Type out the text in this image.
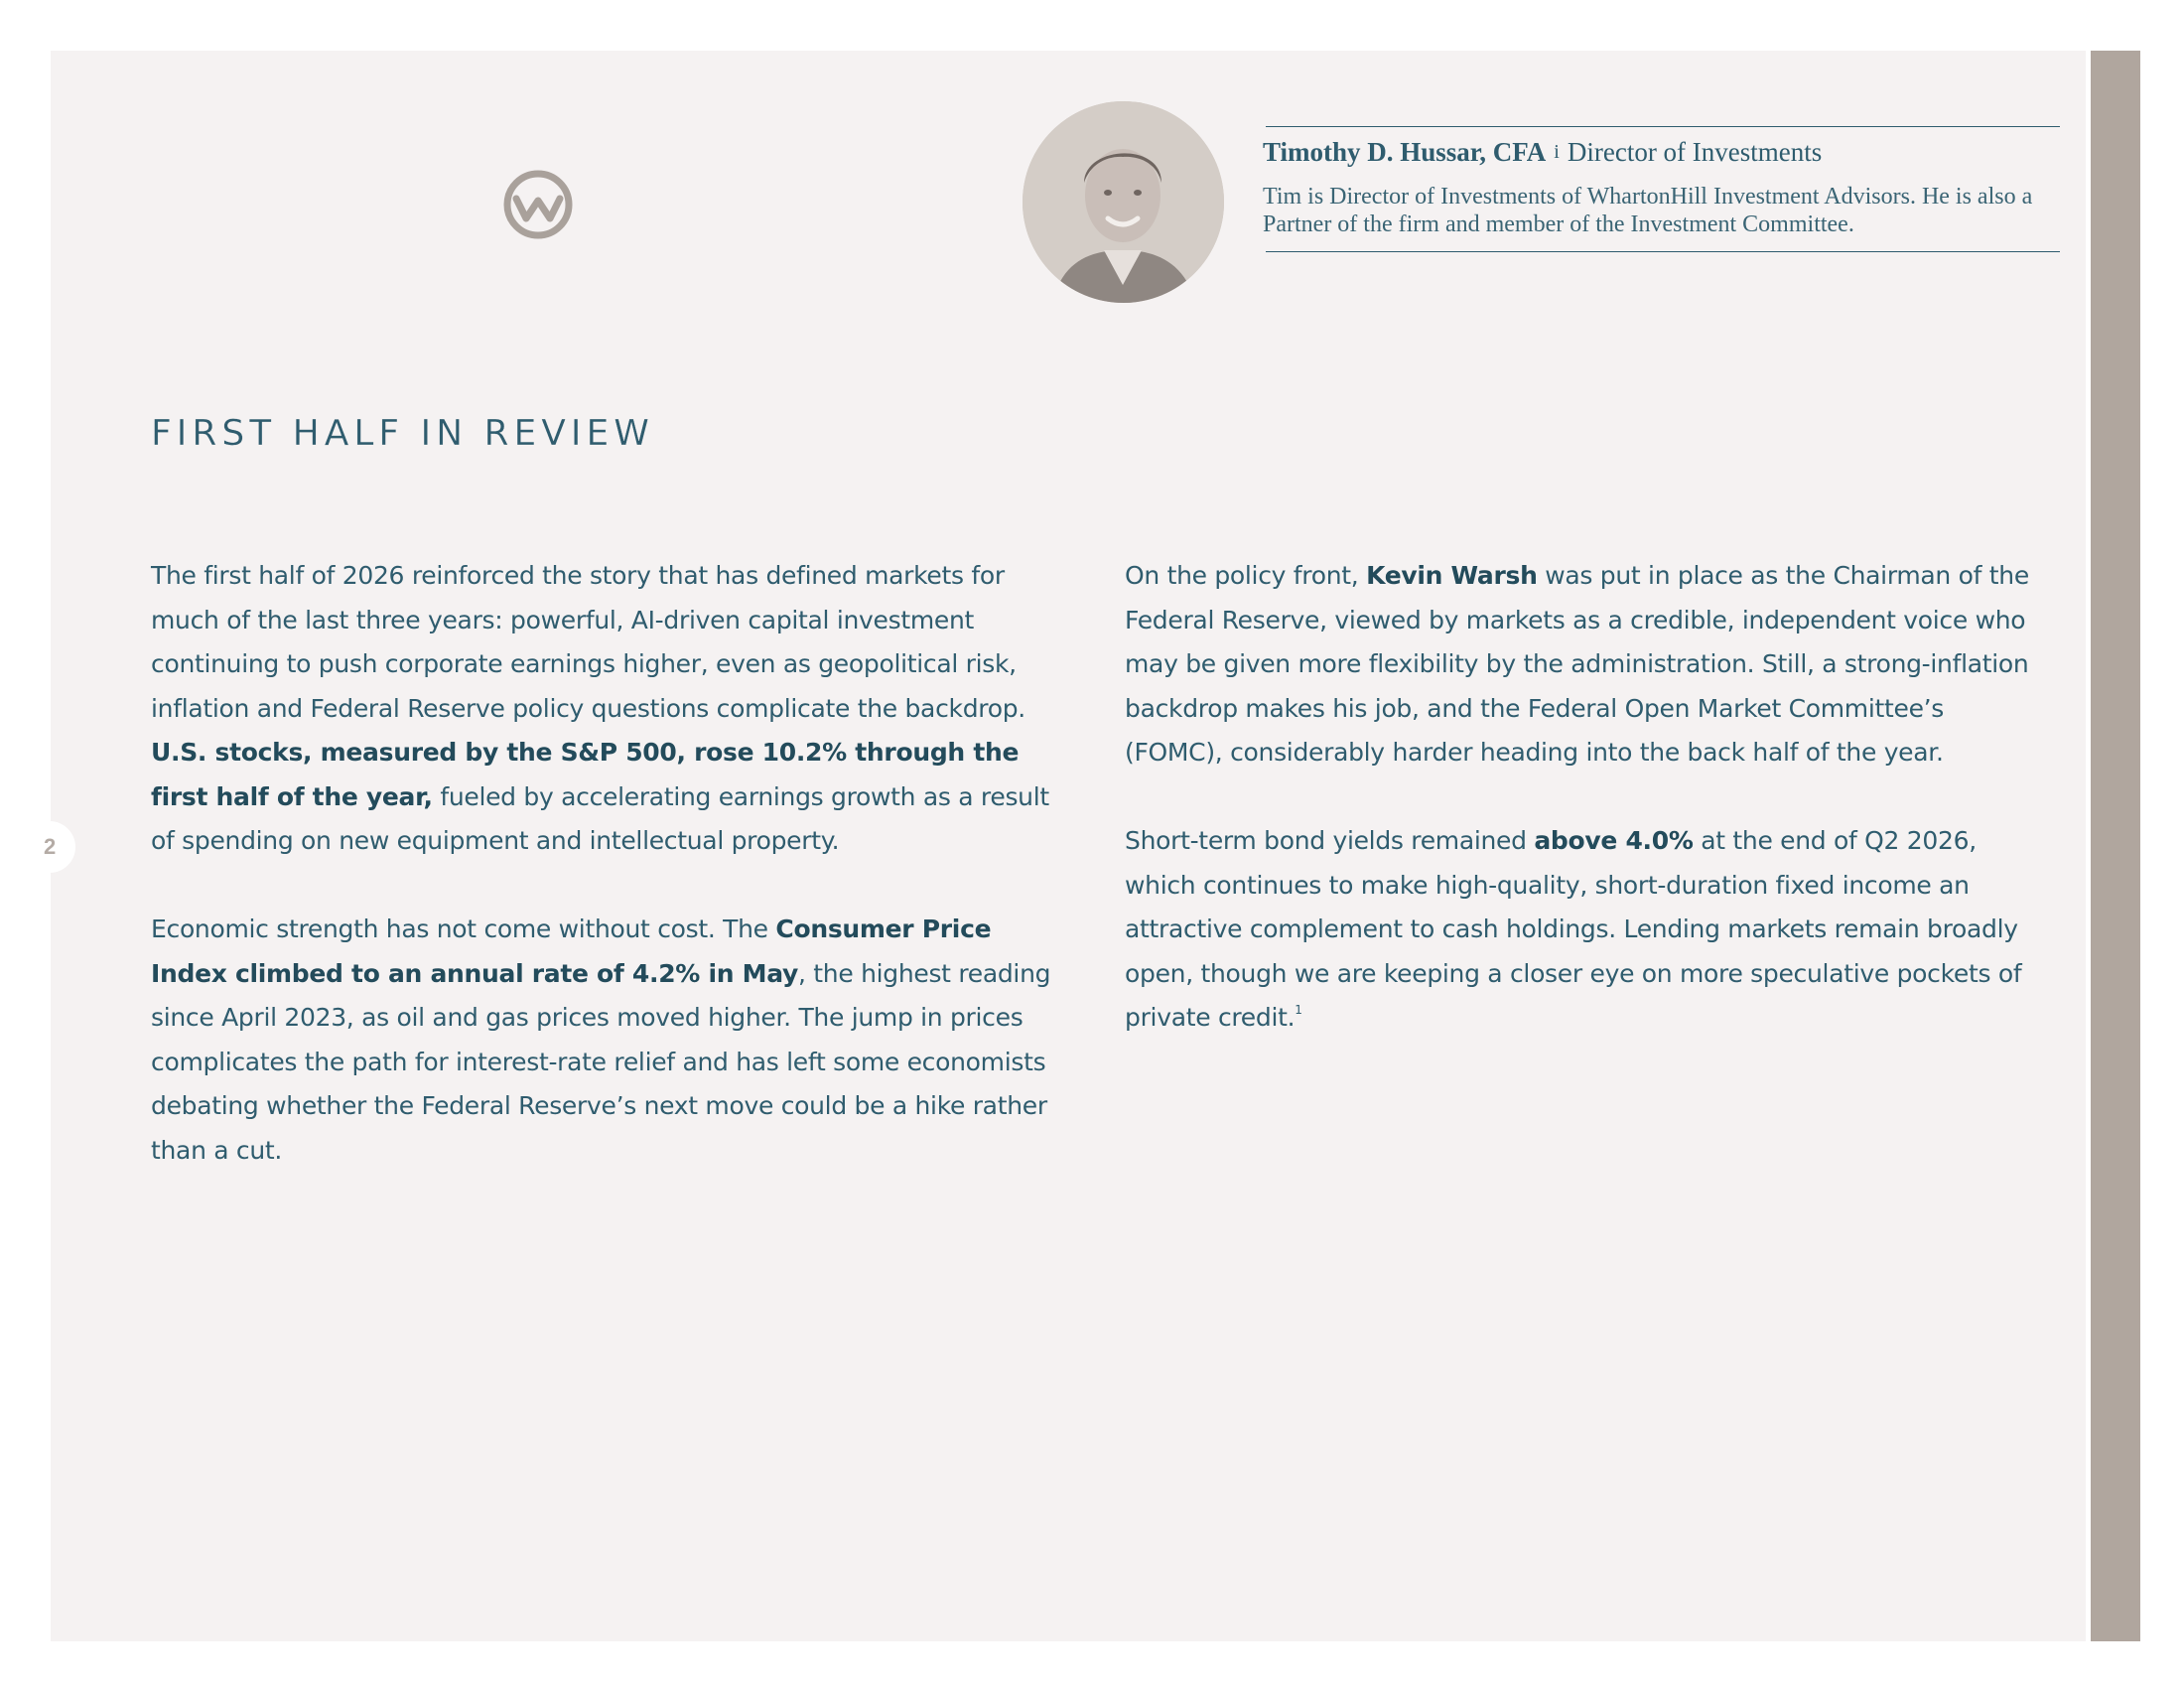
2
Timothy D. Hussar, CFA i Director of Investments
Tim is Director of Investments of WhartonHill Investment Advisors. He is also a Partner of the firm and member of the Investment Committee.
FIRST HALF IN REVIEW

The first half of 2026 reinforced the story that has defined markets for much of the last three years: powerful, AI-driven capital investment continuing to push corporate earnings higher, even as geopolitical risk, inflation and Federal Reserve policy questions complicate the backdrop. U.S. stocks, measured by the S&P 500, rose 10.2% through the first half of the year, fueled by accelerating earnings growth as a result of spending on new equipment and intellectual property.

Economic strength has not come without cost. The Consumer Price Index climbed to an annual rate of 4.2% in May, the highest reading since April 2023, as oil and gas prices moved higher. The jump in prices complicates the path for interest-rate relief and has left some economists debating whether the Federal Reserve’s next move could be a hike rather than a cut.

On the policy front, Kevin Warsh was put in place as the Chairman of the Federal Reserve, viewed by markets as a credible, independent voice who may be given more flexibility by the administration. Still, a strong-inflation backdrop makes his job, and the Federal Open Market Committee’s (FOMC), considerably harder heading into the back half of the year.

Short-term bond yields remained above 4.0% at the end of Q2 2026, which continues to make high-quality, short-duration fixed income an attractive complement to cash holdings. Lending markets remain broadly open, though we are keeping a closer eye on more speculative pockets of private credit.$^1$
